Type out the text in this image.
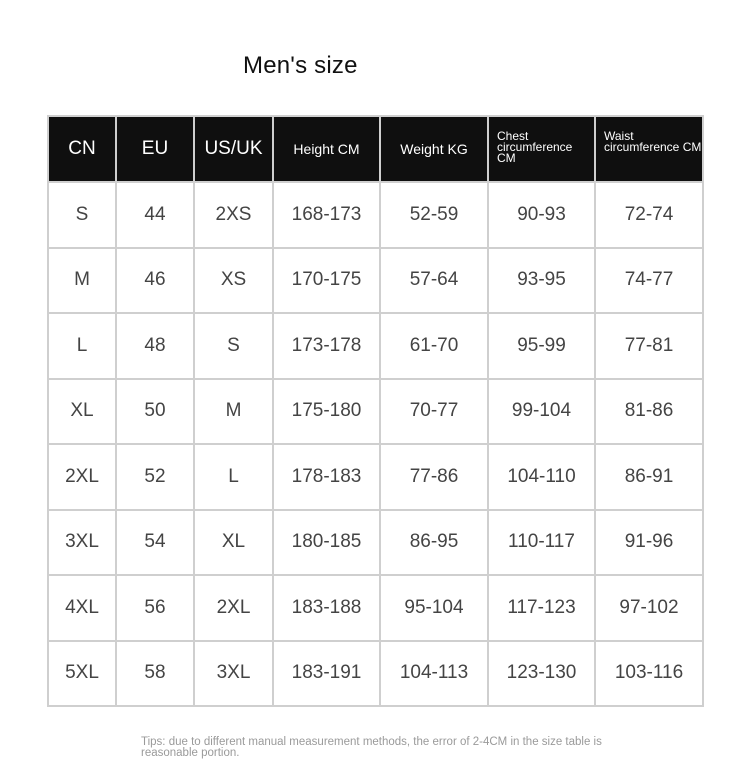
Men's size
CN	EU	US/UK	Height CM	Weight KG	Chest circumference CM	Waist circumference CM
S	44	2XS	168-173	52-59	90-93	72-74
M	46	XS	170-175	57-64	93-95	74-77
L	48	S	173-178	61-70	95-99	77-81
XL	50	M	175-180	70-77	99-104	81-86
2XL	52	L	178-183	77-86	104-110	86-91
3XL	54	XL	180-185	86-95	110-117	91-96
4XL	56	2XL	183-188	95-104	117-123	97-102
5XL	58	3XL	183-191	104-113	123-130	103-116
Tips: due to different manual measurement methods, the error of 2-4CM in the size table is reasonable portion.
